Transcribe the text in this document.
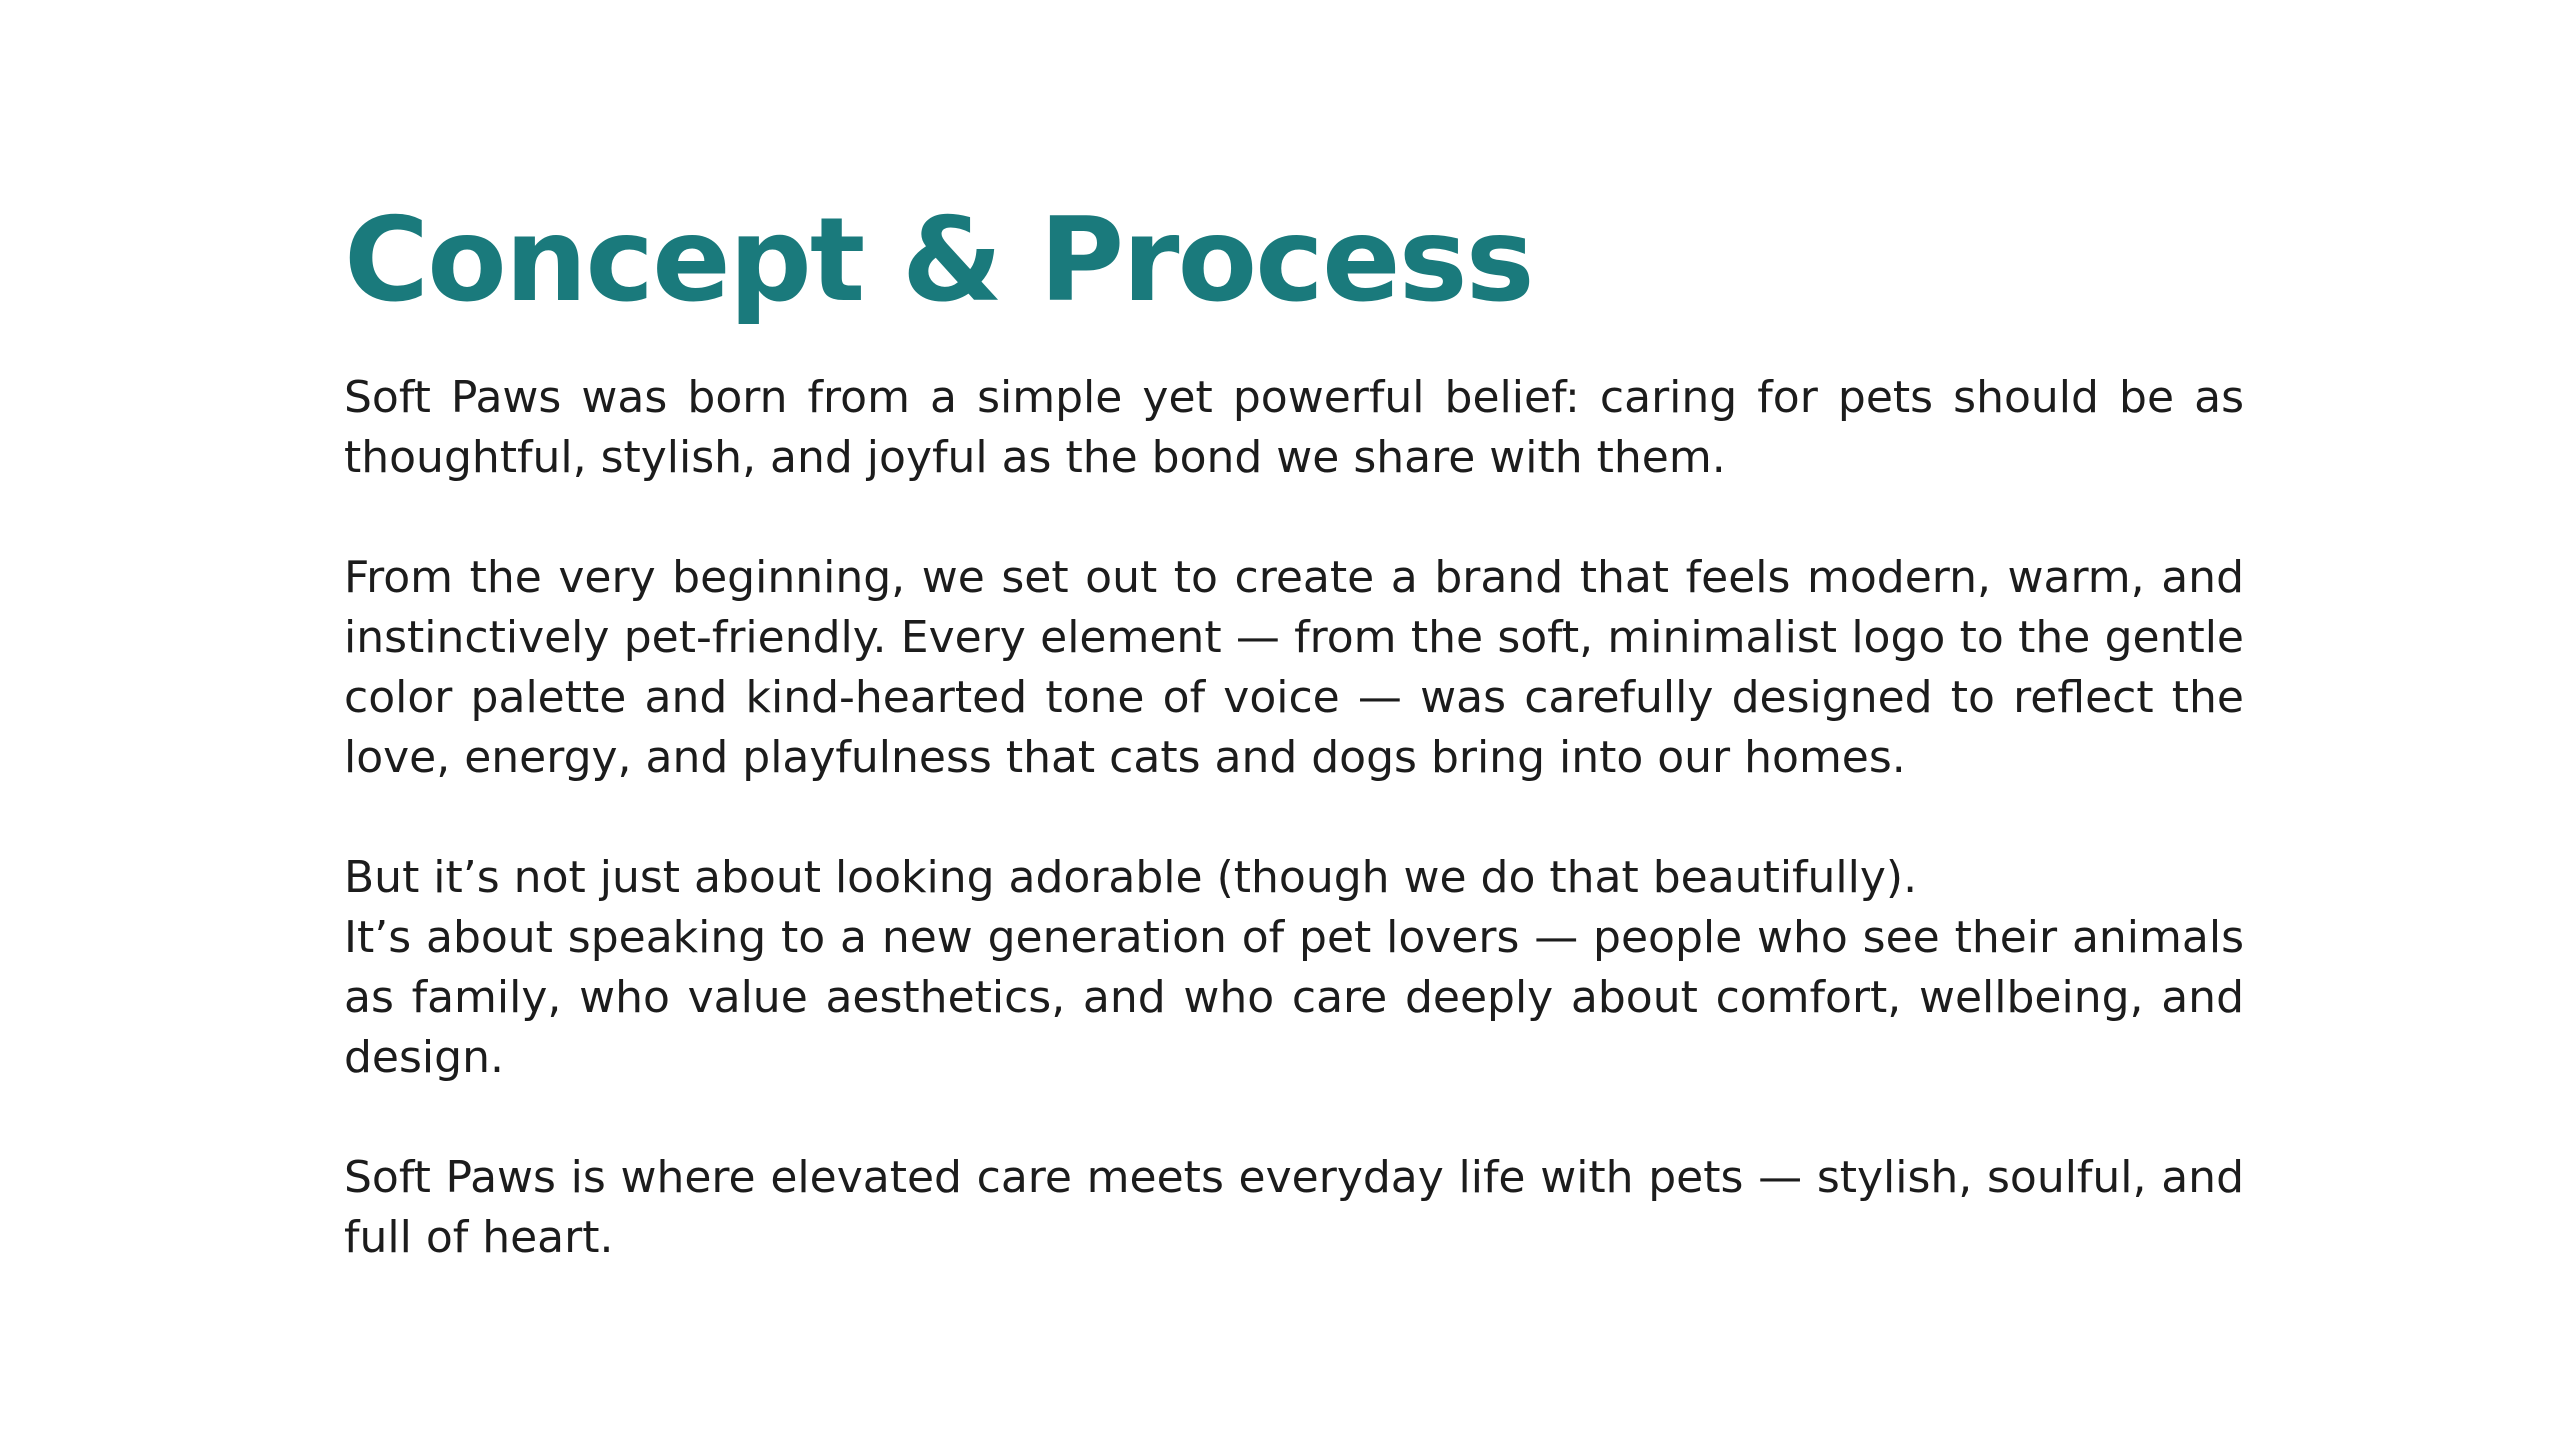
Concept & Process

Soft Paws was born from a simple yet powerful belief: caring for pets should be as thoughtful, stylish, and joyful as the bond we share with them.

From the very beginning, we set out to create a brand that feels modern, warm, and instinctively pet-friendly. Every element — from the soft, minimalist logo to the gentle color palette and kind-hearted tone of voice — was carefully designed to reflect the love, energy, and playfulness that cats and dogs bring into our homes.

But it’s not just about looking adorable (though we do that beautifully).
It’s about speaking to a new generation of pet lovers — people who see their animals as family, who value aesthetics, and who care deeply about comfort, wellbeing, and design.

Soft Paws is where elevated care meets everyday life with pets — stylish, soulful, and full of heart.
